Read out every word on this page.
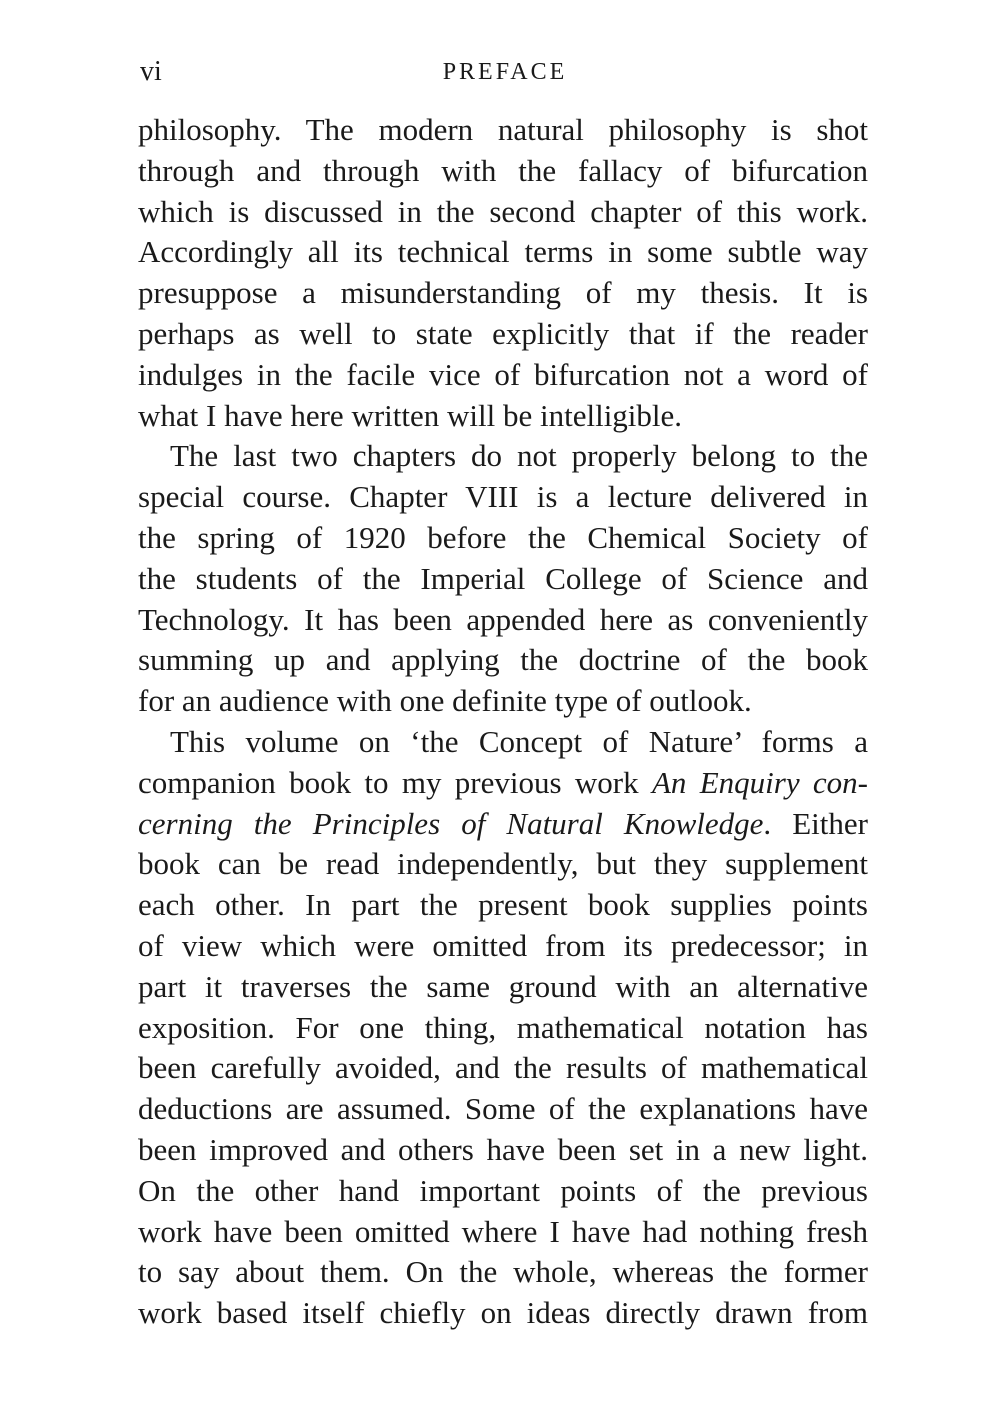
vi	PREFACE
philosophy. The modern natural philosophy is shot
through and through with the fallacy of bifurcation
which is discussed in the second chapter of this work.
Accordingly all its technical terms in some subtle way
presuppose a misunderstanding of my thesis. It is
perhaps as well to state explicitly that if the reader
indulges in the facile vice of bifurcation not a word of
what I have here written will be intelligible.
The last two chapters do not properly belong to the
special course. Chapter VIII is a lecture delivered in
the spring of 1920 before the Chemical Society of
the students of the Imperial College of Science and
Technology. It has been appended here as conveniently
summing up and applying the doctrine of the book
for an audience with one definite type of outlook.
This volume on ‘the Concept of Nature’ forms a
companion book to my previous work An Enquiry con-
cerning the Principles of Natural Knowledge. Either
book can be read independently, but they supplement
each other. In part the present book supplies points
of view which were omitted from its predecessor; in
part it traverses the same ground with an alternative
exposition. For one thing, mathematical notation has
been carefully avoided, and the results of mathematical
deductions are assumed. Some of the explanations have
been improved and others have been set in a new light.
On the other hand important points of the previous
work have been omitted where I have had nothing fresh
to say about them. On the whole, whereas the former
work based itself chiefly on ideas directly drawn from
